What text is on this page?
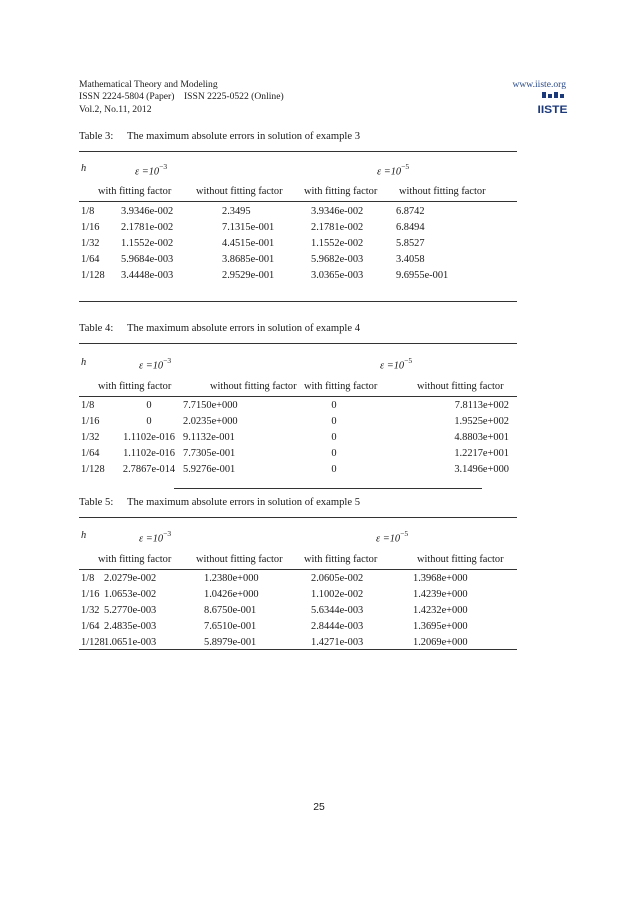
Mathematical Theory and Modeling
ISSN 2224-5804 (Paper)    ISSN 2225-0522 (Online)
Vol.2, No.11, 2012
www.iiste.org
IISTE
Table 3: The maximum absolute errors in solution of example 3
h	$\varepsilon =10^{-3}$	$\varepsilon =10^{-5}$
with fitting factor without fitting factor with fitting factor without fitting factor
1/8	3.9346e-002	2.3495	3.9346e-002	6.8742
1/16 2.1781e-002	7.1315e-001	2.1781e-002	6.8494
1/32 1.1552e-002	4.4515e-001	1.1552e-002	5.8527
1/64 5.9684e-003	3.8685e-001	5.9682e-003	3.4058
1/128 3.4448e-003	2.9529e-001	3.0365e-003	9.6955e-001
Table 4: The maximum absolute errors in solution of example 4
h	$\varepsilon =10^{-3}$	$\varepsilon =10^{-5}$
with fitting factor	without fitting factor with fitting factor	without fitting factor
1/8	0	7.7150e+000	0	7.8113e+002
1/16	0	2.0235e+000	0	1.9525e+002
1/32 1.1102e-016 9.1132e-001	0	4.8803e+001
1/64 1.1102e-016 7.7305e-001	0	1.2217e+001
1/128 2.7867e-014 5.9276e-001	0	3.1496e+000
Table 5: The maximum absolute errors in solution of example 5
h	$\varepsilon =10^{-3}$	$\varepsilon =10^{-5}$
with fitting factor without fitting factor with fitting factor	without fitting factor
1/8 2.0279e-002	1.2380e+000	2.0605e-002	1.3968e+000
1/16 1.0653e-002	1.0426e+000	1.1002e-002	1.4239e+000
1/32 5.2770e-003	8.6750e-001	5.6344e-003	1.4232e+000
1/64 2.4835e-003	7.6510e-001	2.8444e-003	1.3695e+000
1/128 1.0651e-003	5.8979e-001	1.4271e-003	1.2069e+000
25
